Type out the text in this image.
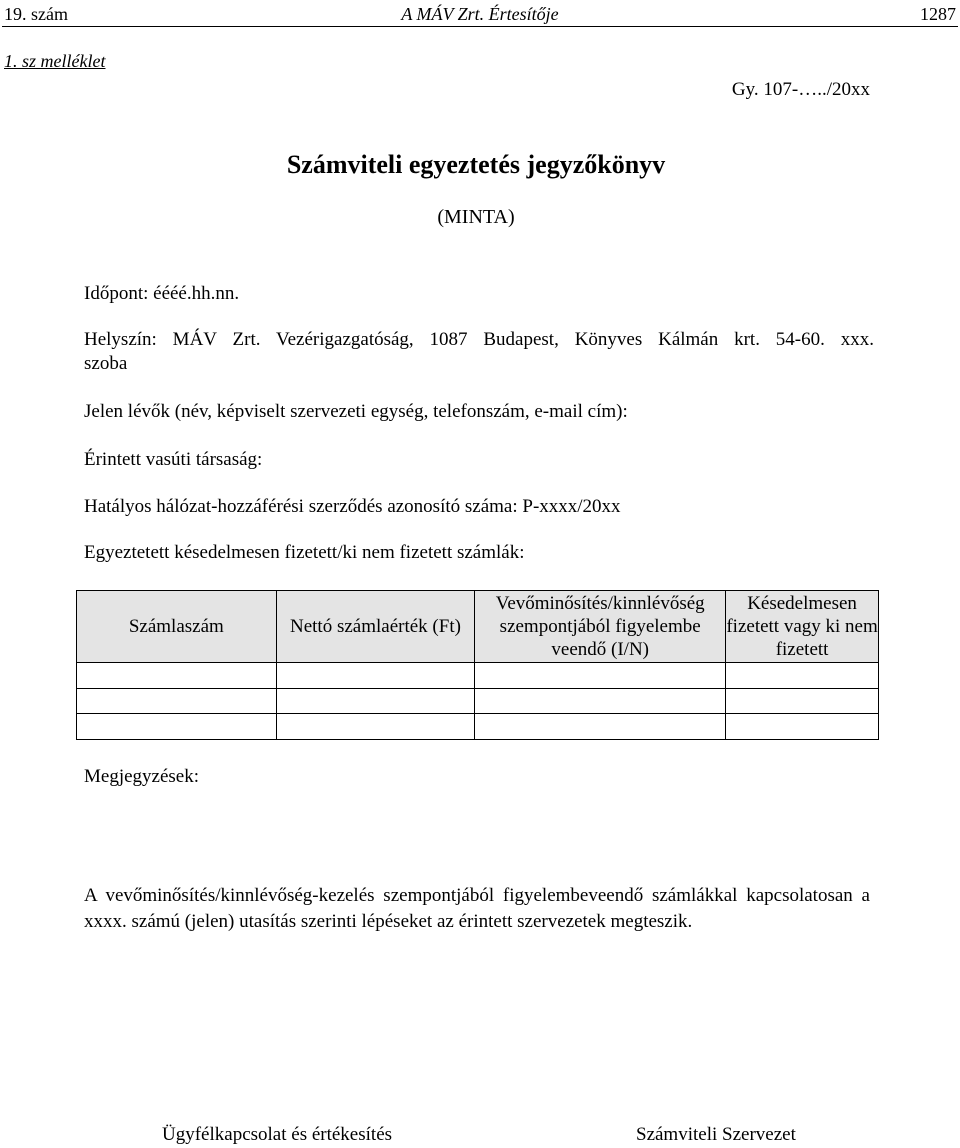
19. szám	A MÁV Zrt. Értesítője	1287
1. sz melléklet
Gy. 107-…../20xx
Számviteli egyeztetés jegyzőkönyv
(MINTA)
Időpont: éééé.hh.nn.
Helyszín: MÁV Zrt. Vezérigazgatóság, 1087 Budapest, Könyves Kálmán krt. 54-60. xxx.
szoba
Jelen lévők (név, képviselt szervezeti egység, telefonszám, e-mail cím):
Érintett vasúti társaság:
Hatályos hálózat-hozzáférési szerződés azonosító száma: P-xxxx/20xx
Egyeztetett késedelmesen fizetett/ki nem fizetett számlák:
Számlaszám	Nettó számlaérték (Ft)	Vevőminősítés/kinnlévőség szempontjából figyelembe veendő (I/N)	Késedelmesen fizetett vagy ki nem fizetett

Megjegyzések:
A vevőminősítés/kinnlévőség-kezelés szempontjából figyelembeveendő számlákkal kapcsolatosan a xxxx. számú (jelen) utasítás szerinti lépéseket az érintett szervezetek megteszik.
Ügyfélkapcsolat és értékesítés	Számviteli Szervezet
